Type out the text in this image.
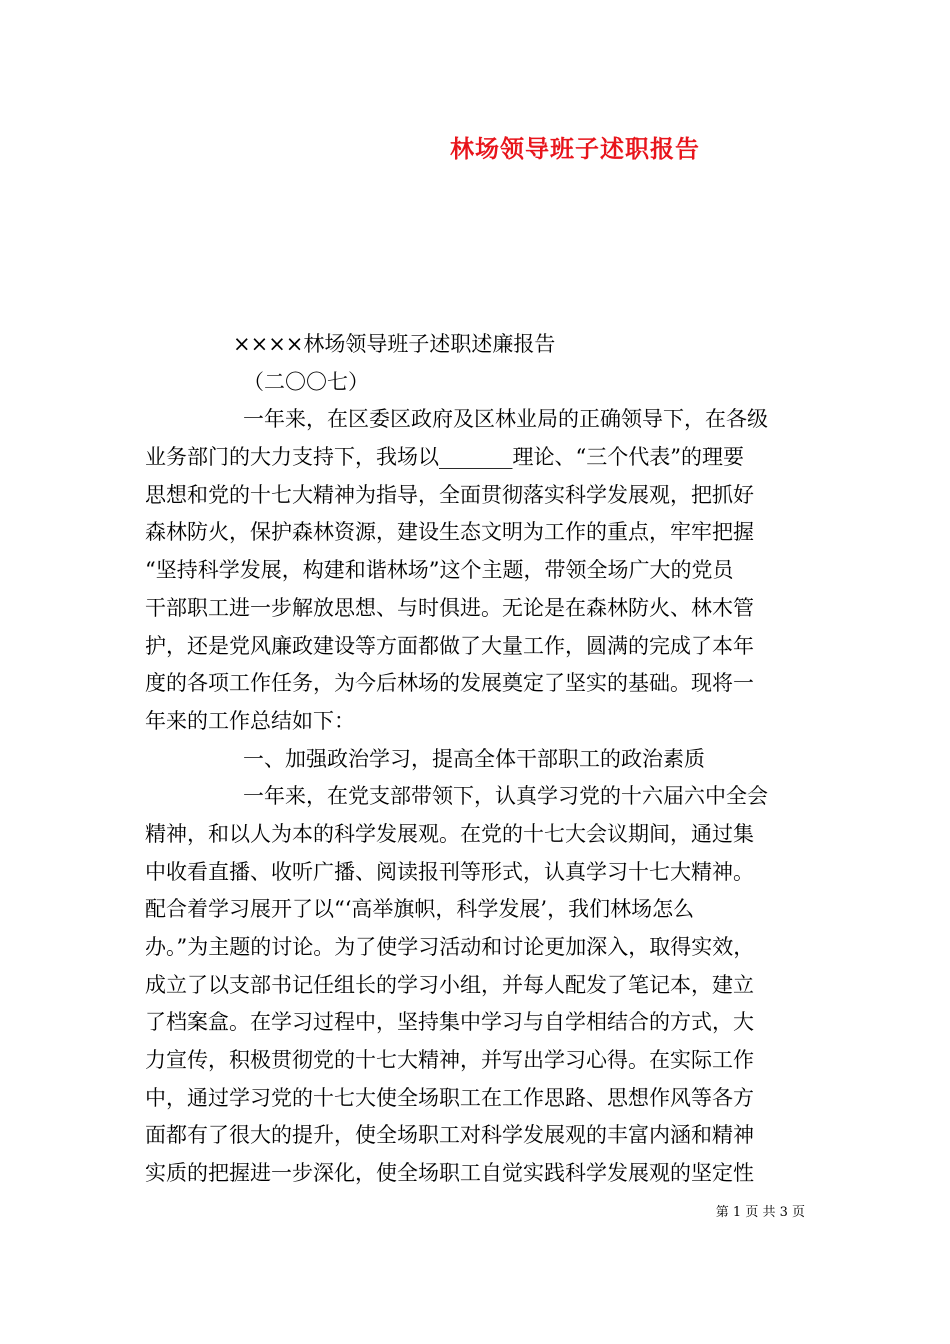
林场领导班子述职报告
××××林场领导班子述职述廉报告
（二〇〇七）
一年来，在区委区政府及区林业局的正确领导下，在各级
业务部门的大力支持下，我场以_______理论、“三个代表”的理要
思想和党的十七大精神为指导，全面贯彻落实科学发展观，把抓好
森林防火，保护森林资源，建设生态文明为工作的重点，牢牢把握
“坚持科学发展，构建和谐林场”这个主题，带领全场广大的党员
干部职工进一步解放思想、与时俱进。无论是在森林防火、林木管
护，还是党风廉政建设等方面都做了大量工作，圆满的完成了本年
度的各项工作任务，为今后林场的发展奠定了坚实的基础。现将一
年来的工作总结如下：
一、加强政治学习，提高全体干部职工的政治素质
一年来，在党支部带领下，认真学习党的十六届六中全会
精神，和以人为本的科学发展观。在党的十七大会议期间，通过集
中收看直播、收听广播、阅读报刊等形式，认真学习十七大精神。
配合着学习展开了以“‘高举旗帜，科学发展’，我们林场怎么
办。”为主题的讨论。为了使学习活动和讨论更加深入，取得实效，
成立了以支部书记任组长的学习小组，并每人配发了笔记本，建立
了档案盒。在学习过程中，坚持集中学习与自学相结合的方式，大
力宣传，积极贯彻党的十七大精神，并写出学习心得。在实际工作
中，通过学习党的十七大使全场职工在工作思路、思想作风等各方
面都有了很大的提升，使全场职工对科学发展观的丰富内涵和精神
实质的把握进一步深化，使全场职工自觉实践科学发展观的坚定性
第 1 页 共 3 页
